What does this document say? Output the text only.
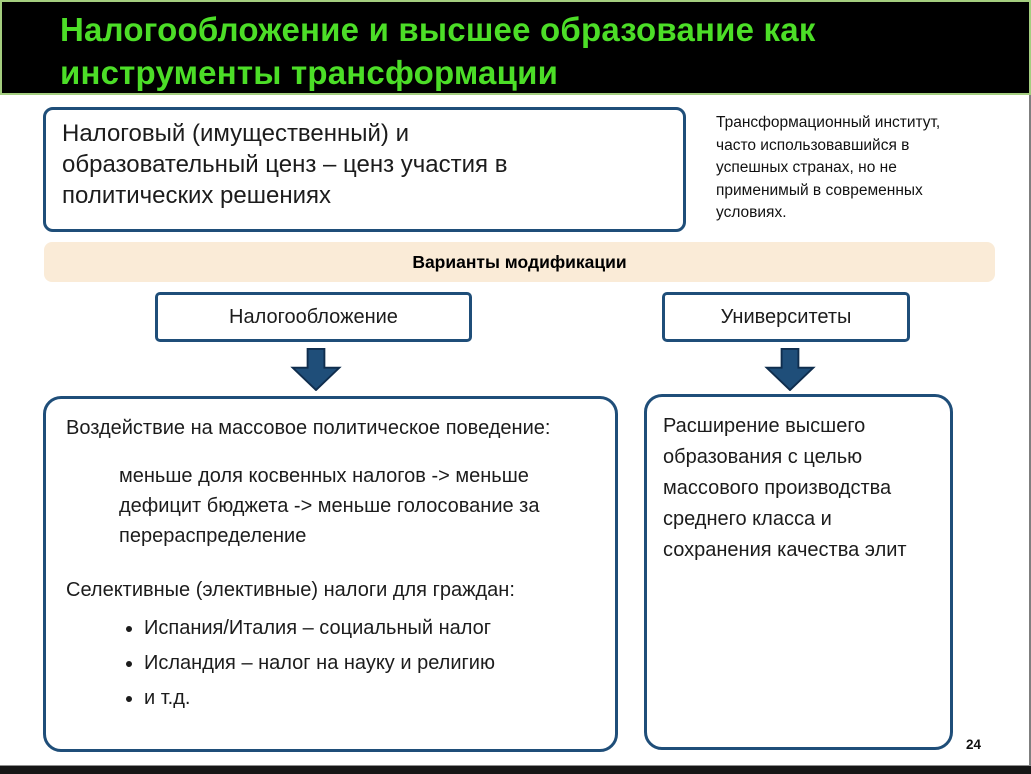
Налогообложение и высшее образование как
инструменты трансформации
Налоговый (имущественный) и
образовательный ценз – ценз участия в
политических решениях
Трансформационный институт, часто использовавшийся в успешных странах, но не применимый в современных условиях.
Варианты модификации
Налогообложение	Университеты

Воздействие на массовое политическое поведение:

меньше доля косвенных налогов -> меньше дефицит бюджета -> меньше голосование за перераспределение

Селективные (элективные) налоги для граждан:

• Испания/Италия – социальный налог
• Исландия – налог на науку и религию
• и т.д.

Расширение высшего образования с целью массового производства среднего класса и сохранения качества элит

24
